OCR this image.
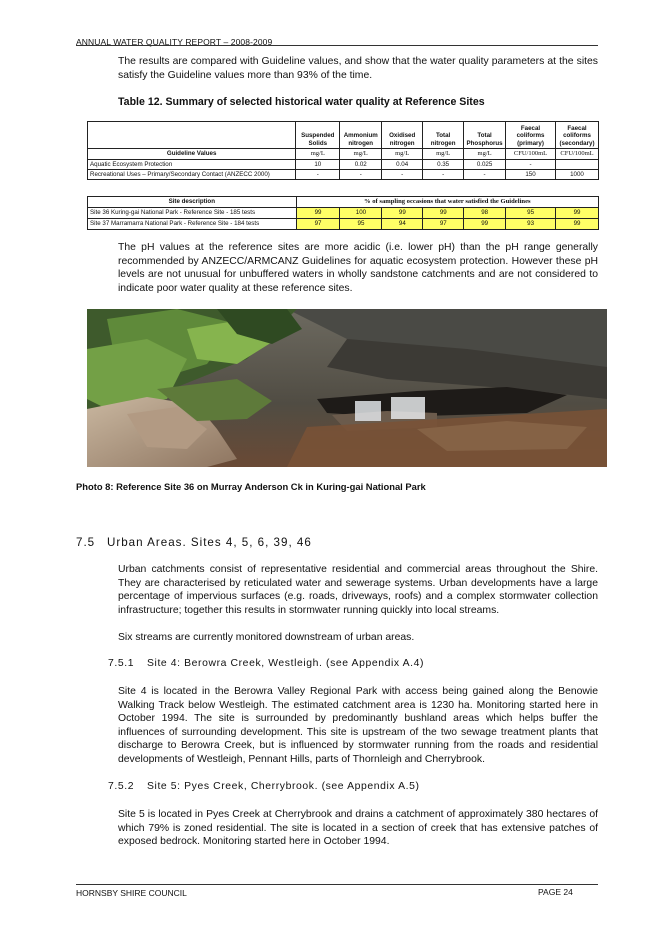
ANNUAL WATER QUALITY REPORT – 2008-2009
The results are compared with Guideline values, and show that the water quality parameters at the sites satisfy the Guideline values more than 93% of the time.
Table 12. Summary of selected historical water quality at Reference Sites
	Suspended Solids	Ammonium nitrogen	Oxidised nitrogen	Total nitrogen	Total Phosphorus	Faecal coliforms (primary)	Faecal coliforms (secondary)
Guideline Values	mg/L	mg/L	mg/L	mg/L	mg/L	CFU/100mL	CFU/100mL
Aquatic Ecosystem Protection	10	0.02	0.04	0.35	0.025	-	
Recreational Uses – Primary/Secondary Contact (ANZECC 2000)	-	-	-	-	-	150	1000
Site description	% of sampling occasions that water satisfied the Guidelines						
Site 36 Kuring-gai National Park - Reference Site - 185 tests	99	100	99	99	98	95	99
Site 37 Marramarra National Park - Reference Site - 184 tests	97	95	94	97	99	93	99
The pH values at the reference sites are more acidic (i.e. lower pH) than the pH range generally recommended by ANZECC/ARMCANZ Guidelines for aquatic ecosystem protection. However these pH levels are not unusual for unbuffered waters in wholly sandstone catchments and are not considered to indicate poor water quality at these reference sites.
Photo 8: Reference Site 36 on Murray Anderson Ck in Kuring-gai National Park
7.5 Urban Areas. Sites 4, 5, 6, 39, 46
Urban catchments consist of representative residential and commercial areas throughout the Shire. They are characterised by reticulated water and sewerage systems. Urban developments have a large percentage of impervious surfaces (e.g. roads, driveways, roofs) and a complex stormwater collection infrastructure; together this results in stormwater running quickly into local streams.
Six streams are currently monitored downstream of urban areas.
7.5.1 Site 4: Berowra Creek, Westleigh. (see Appendix A.4)
Site 4 is located in the Berowra Valley Regional Park with access being gained along the Benowie Walking Track below Westleigh. The estimated catchment area is 1230 ha. Monitoring started here in October 1994. The site is surrounded by predominantly bushland areas which helps buffer the influences of surrounding development. This site is upstream of the two sewage treatment plants that discharge to Berowra Creek, but is influenced by stormwater running from the roads and residential developments of Westleigh, Pennant Hills, parts of Thornleigh and Cherrybrook.
7.5.2 Site 5: Pyes Creek, Cherrybrook. (see Appendix A.5)
Site 5 is located in Pyes Creek at Cherrybrook and drains a catchment of approximately 380 hectares of which 79% is zoned residential. The site is located in a section of creek that has extensive patches of exposed bedrock. Monitoring started here in October 1994.
HORNSBY SHIRE COUNCIL	PAGE 24
